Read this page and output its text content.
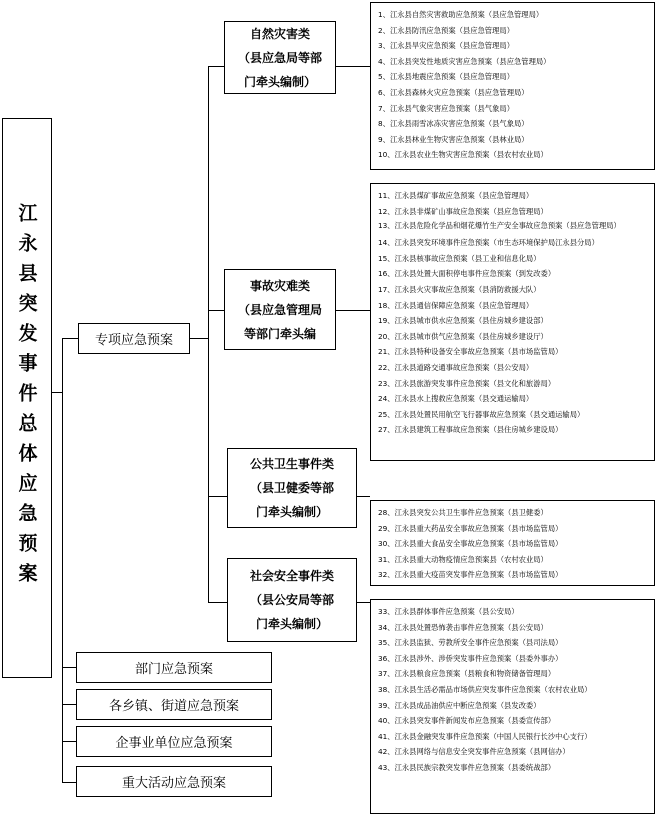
江永县突发事件总体应急预案	专项应急预案
部门应急预案
各乡镇、街道应急预案
企事业单位应急预案
重大活动应急预案
自然灾害类
（县应急局等部
门牵头编制）
事故灾难类
（县应急管理局
等部门牵头编
公共卫生事件类
（县卫健委等部
门牵头编制）
社会安全事件类
（县公安局等部
门牵头编制）
1、江永县自然灾害救助应急预案（县应急管理局）
2、江永县防汛应急预案（县应急管理局）
3、江永县旱灾应急预案（县应急管理局）
4、江永县突发性地质灾害应急预案（县应急管理局）
5、江永县地震应急预案（县应急管理局）
6、江永县森林火灾应急预案（县应急管理局）
7、江永县气象灾害应急预案（县气象局）
8、江永县雨雪冰冻灾害应急预案（县气象局）
9、江永县林业生物灾害应急预案（县林业局）
10、江永县农业生物灾害应急预案（县农村农业局）
11、江永县煤矿事故应急预案（县应急管理局）
12、江永县非煤矿山事故应急预案（县应急管理局）
13、江永县危险化学品和烟花爆竹生产安全事故应急预案（县应急管理局）
14、江永县突发环境事件应急预案（市生态环境保护局江永县分局）
15、江永县核事故应急预案（县工业和信息化局）
16、江永县处置大面积停电事件应急预案（到发改委）
17、江永县火灾事故应急预案（县消防救援大队）
18、江永县通信保障应急预案（县应急管理局）
19、江永县城市供水应急预案（县住房城乡建设部）
20、江永县城市供气应急预案（县住房城乡建设厅）
21、江永县特种设备安全事故应急预案（县市场监管局）
22、江永县道路交通事故应急预案（县公安局）
23、江永县旅游突发事件应急预案（县文化和旅游局）
24、江永县水上搜救应急预案（县交通运输局）
25、江永县处置民用航空飞行器事故应急预案（县交通运输局）
27、江永县建筑工程事故应急预案（县住房城乡建设局）
28、江永县突发公共卫生事件应急预案（县卫健委）
29、江永县重大药品安全事故应急预案（县市场监管局）
30、江永县重大食品安全事故应急预案（县市场监管局）
31、江永县重大动物疫情应急预案县（农村农业局）
32、江永县重大疫苗突发事件应急预案（县市场监管局）
33、江永县群体事件应急预案（县公安局）
34、江永县处置恐怖袭击事件应急预案（县公安局）
35、江永县监狱、劳教所安全事件应急预案（县司法局）
36、江永县涉外、涉侨突发事件应急预案（县委外事办）
37、江永县粮食应急预案（县粮食和物资储备管理局）
38、江永县生活必需品市场供应突发事件应急预案（农村农业局）
39、江永县成品油供应中断应急预案（县发改委）
40、江永县突发事件新闻发布应急预案（县委宣传部）
41、江永县金融突发事件应急预案（中国人民银行长沙中心支行）
42、江永县网络与信息安全突发事件应急预案（县网信办）
43、江永县民族宗教突发事件应急预案（县委统战部）
